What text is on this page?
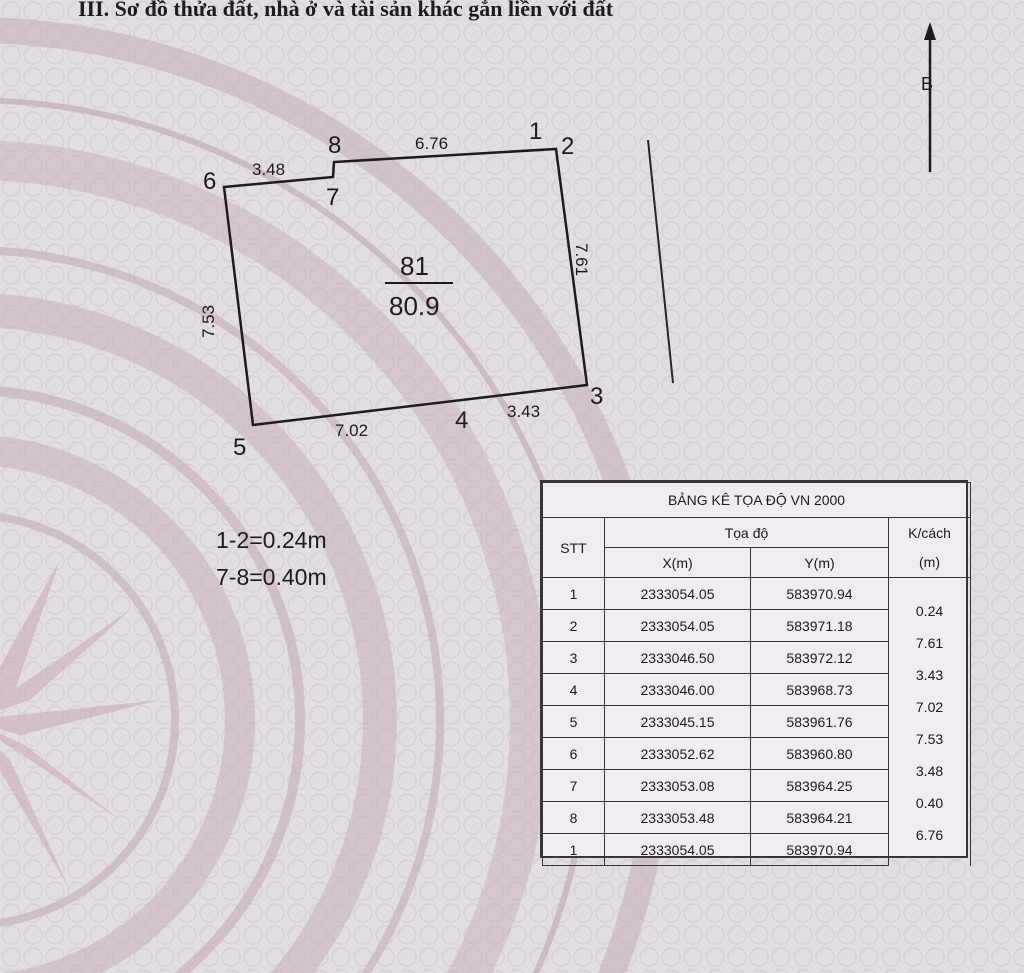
III. Sơ đồ thửa đất, nhà ở và tài sản khác gắn liền với đất
B
81
80.9
1
2
3
4
5
6
7
8	6.76
3.48
7.02
3.43
7.61
7.53
1-2=0.24m
7-8=0.40m
BẢNG KÊ TỌA ĐỘ VN 2000			
STT	Tọa độ		K/cách
	X(m)	Y(m)	(m)
1	2333054.05	583970.94	0.24

2	2333054.05	583971.18	7.61

3	2333046.50	583972.12	3.43

4	2333046.00	583968.73	7.02

5	2333045.15	583961.76	7.53

6	2333052.62	583960.80	3.48

7	2333053.08	583964.25	0.40

8	2333053.48	583964.21	6.76

1	2333054.05	583970.94	
